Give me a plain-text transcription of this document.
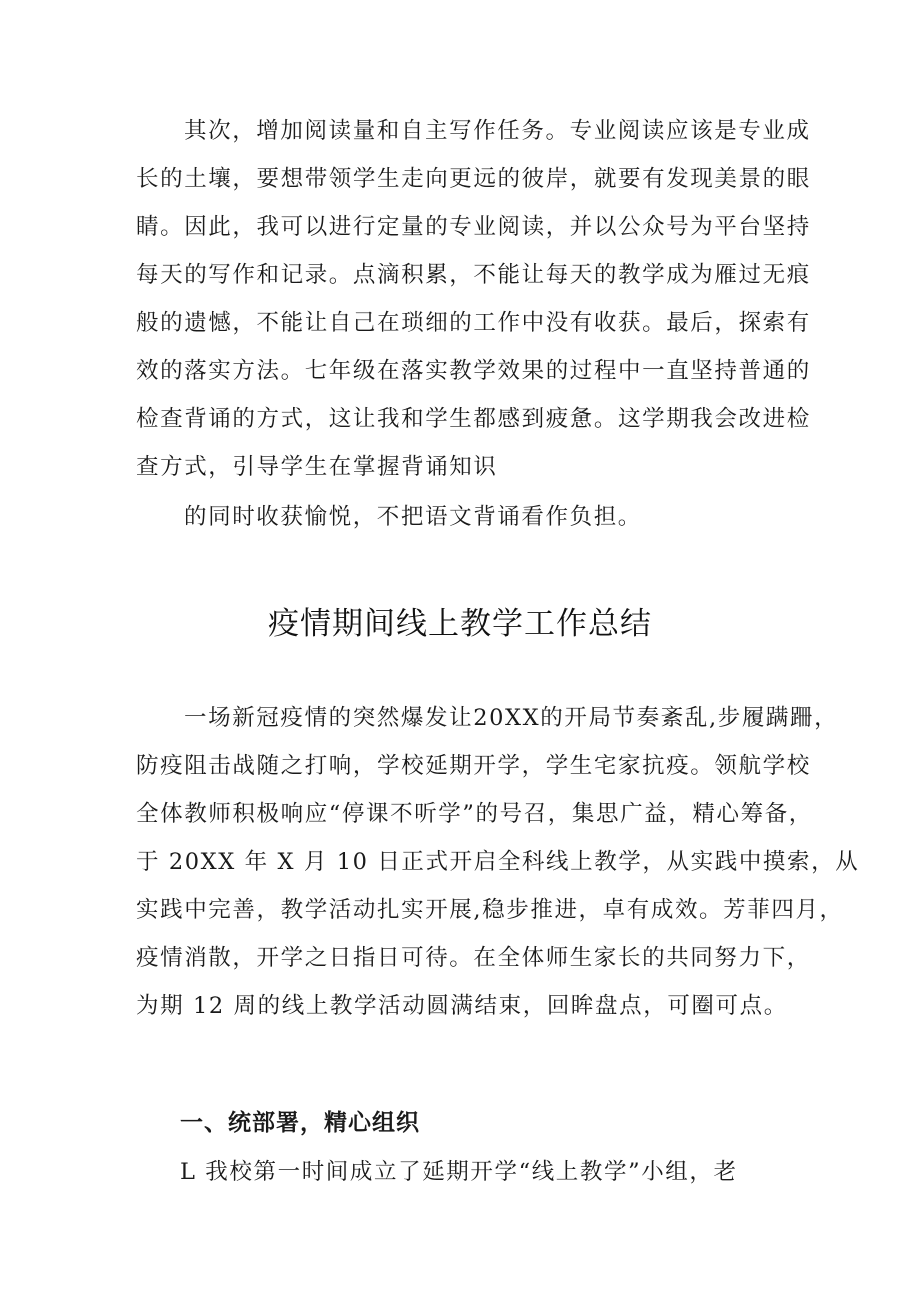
其次，增加阅读量和自主写作任务。专业阅读应该是专业成
长的土壤，要想带领学生走向更远的彼岸，就要有发现美景的眼
睛。因此，我可以进行定量的专业阅读，并以公众号为平台坚持
每天的写作和记录。点滴积累，不能让每天的教学成为雁过无痕
般的遗憾，不能让自己在琐细的工作中没有收获。最后，探索有
效的落实方法。七年级在落实教学效果的过程中一直坚持普通的
检查背诵的方式，这让我和学生都感到疲惫。这学期我会改进检
查方式，引导学生在掌握背诵知识
的同时收获愉悦，不把语文背诵看作负担。
疫情期间线上教学工作总结
一场新冠疫情的突然爆发让20XX的开局节奏紊乱,步履蹒跚，
防疫阻击战随之打响，学校延期开学，学生宅家抗疫。领航学校
全体教师积极响应“停课不听学”的号召，集思广益，精心筹备，
于 20XX 年 X 月 10 日正式开启全科线上教学，从实践中摸索，从
实践中完善，教学活动扎实开展,稳步推进，卓有成效。芳菲四月，
疫情消散，开学之日指日可待。在全体师生家长的共同努力下，
为期 12 周的线上教学活动圆满结束，回眸盘点，可圈可点。
一、统部署，精心组织
L 我校第一时间成立了延期开学“线上教学”小组，老
